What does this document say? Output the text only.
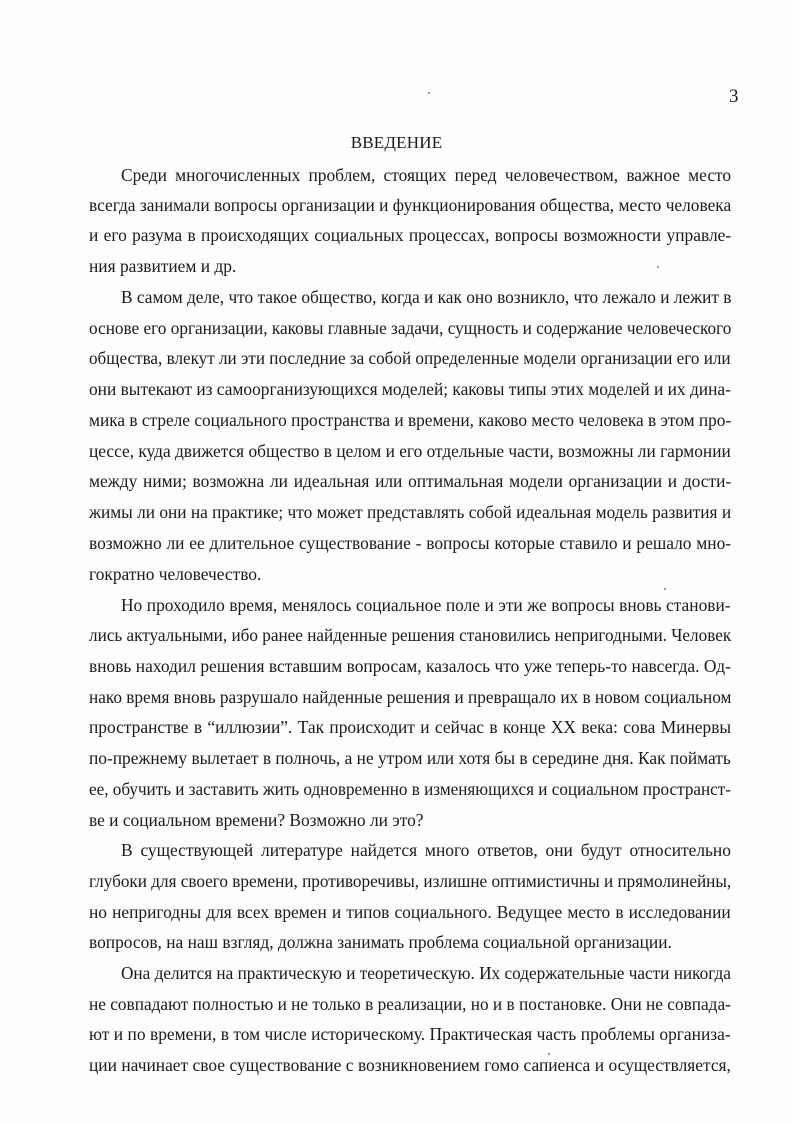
3
ВВЕДЕНИЕ
Среди многочисленных проблем, стоящих перед человечеством, важное место
всегда занимали вопросы организации и функционирования общества, место человека
и его разума в происходящих социальных процессах, вопросы возможности управле-
ния развитием и др.
В самом деле, что такое общество, когда и как оно возникло, что лежало и лежит в
основе его организации, каковы главные задачи, сущность и содержание человеческого
общества, влекут ли эти последние за собой определенные модели организации его или
они вытекают из самоорганизующихся моделей; каковы типы этих моделей и их дина-
мика в стреле социального пространства и времени, каково место человека в этом про-
цессе, куда движется общество в целом и его отдельные части, возможны ли гармонии
между ними; возможна ли идеальная или оптимальная модели организации и дости-
жимы ли они на практике; что может представлять собой идеальная модель развития и
возможно ли ее длительное существование - вопросы которые ставило и решало мно-
гократно человечество.
Но проходило время, менялось социальное поле и эти же вопросы вновь станови-
лись актуальными, ибо ранее найденные решения становились непригодными. Человек
вновь находил решения вставшим вопросам, казалось что уже теперь-то навсегда. Од-
нако время вновь разрушало найденные решения и превращало их в новом социальном
пространстве в “иллюзии”. Так происходит и сейчас в конце XX века: сова Минервы
по-прежнему вылетает в полночь, а не утром или хотя бы в середине дня. Как поймать
ее, обучить и заставить жить одновременно в изменяющихся и социальном пространст-
ве и социальном времени? Возможно ли это?
В существующей литературе найдется много ответов, они будут относительно
глубоки для своего времени, противоречивы, излишне оптимистичны и прямолинейны,
но непригодны для всех времен и типов социального. Ведущее место в исследовании
вопросов, на наш взгляд, должна занимать проблема социальной организации.
Она делится на практическую и теоретическую. Их содержательные части никогда
не совпадают полностью и не только в реализации, но и в постановке. Они не совпада-
ют и по времени, в том числе историческому. Практическая часть проблемы организа-
ции начинает свое существование с возникновением гомо сапиенса и осуществляется,
